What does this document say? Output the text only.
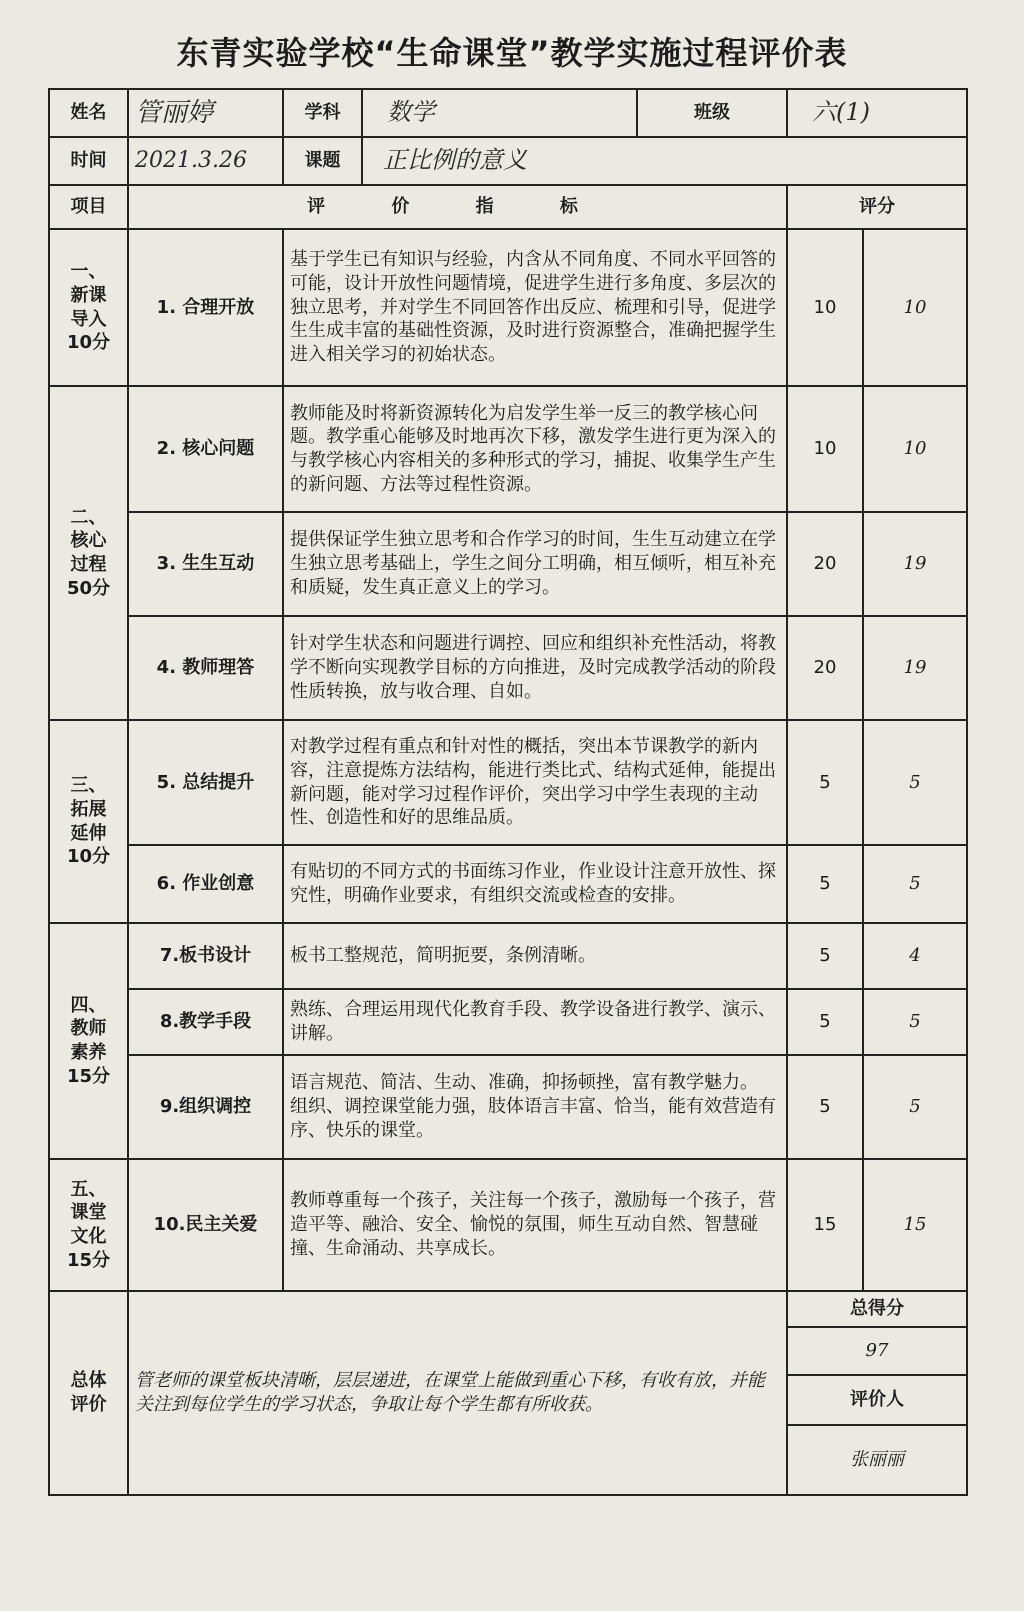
东青实验学校“生命课堂”教学实施过程评价表
姓名	管丽婷	学科	数学	班级	六(1)	
时间	2021.3.26	课题	正比例的意义			
项目	评 价 指 标				评分	

一、
新课
导入
10分	1. 合理开放	基于学生已有知识与经验，内含从不同角度、不同水平回答的可能，设计开放性问题情境，促进学生进行多角度、多层次的独立思考，并对学生不同回答作出反应、梳理和引导，促进学生生成丰富的基础性资源，及时进行资源整合，准确把握学生进入相关学习的初始状态。			10	10

二、
核心
过程
50分	2. 核心问题	教师能及时将新资源转化为启发学生举一反三的教学核心问题。教学重心能够及时地再次下移，激发学生进行更为深入的与教学核心内容相关的多种形式的学习，捕捉、收集学生产生的新问题、方法等过程性资源。			10	10
	3. 生生互动	提供保证学生独立思考和合作学习的时间，生生互动建立在学生独立思考基础上，学生之间分工明确，相互倾听，相互补充和质疑，发生真正意义上的学习。			20	19
	4. 教师理答	针对学生状态和问题进行调控、回应和组织补充性活动，将教学不断向实现教学目标的方向推进，及时完成教学活动的阶段性质转换，放与收合理、自如。			20	19

三、
拓展
延伸
10分	5. 总结提升	对教学过程有重点和针对性的概括，突出本节课教学的新内容，注意提炼方法结构，能进行类比式、结构式延伸，能提出新问题，能对学习过程作评价，突出学习中学生表现的主动性、创造性和好的思维品质。			5	5
	6. 作业创意	有贴切的不同方式的书面练习作业，作业设计注意开放性、探究性，明确作业要求，有组织交流或检查的安排。			5	5

四、
教师
素养
15分	7.板书设计	板书工整规范，简明扼要，条例清晰。			5	4
	8.教学手段	熟练、合理运用现代化教育手段、教学设备进行教学、演示、讲解。			5	5
	9.组织调控	语言规范、简洁、生动、准确，抑扬顿挫，富有教学魅力。
组织、调控课堂能力强，肢体语言丰富、恰当，能有效营造有序、快乐的课堂。			5	5

五、
课堂
文化
15分	10.民主关爱	教师尊重每一个孩子，关注每一个孩子，激励每一个孩子，营造平等、融洽、安全、愉悦的氛围，师生互动自然、智慧碰撞、生命涌动、共享成长。			15	15

总体
评价	管老师的课堂板块清晰，层层递进，在课堂上能做到重心下移，有收有放，并能关注到每位学生的学习状态，争取让每个学生都有所收获。				总得分	
					97	
					评价人	
					张丽丽	
